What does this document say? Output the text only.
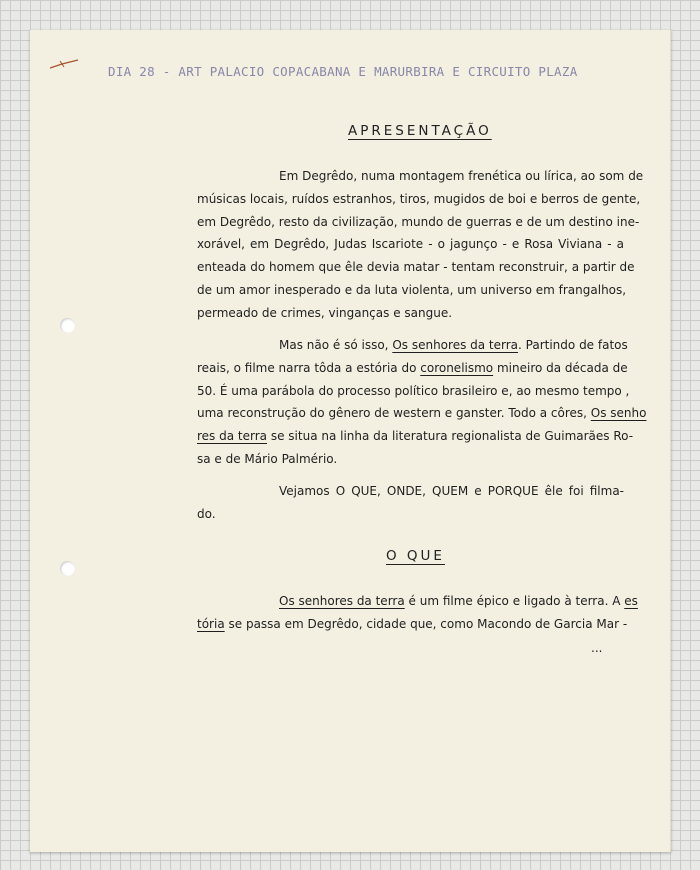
DIA 28 - ART PALACIO COPACABANA E MARURBIRA E CIRCUITO PLAZA
APRESENTAÇÃO
Em Degrêdo, numa montagem frenética ou lírica, ao som de
músicas locais, ruídos estranhos, tiros, mugidos de boi e berros de gente,
em Degrêdo, resto da civilização, mundo de guerras e de um destino ine-
xorável, em Degrêdo, Judas Iscariote - o jagunço - e Rosa Viviana - a
enteada do homem que êle devia matar - tentam reconstruir, a partir de
de um amor inesperado e da luta violenta, um universo em frangalhos,
permeado de crimes, vinganças e sangue.
Mas não é só isso, Os senhores da terra. Partindo de fatos
reais, o filme narra tôda a estória do coronelismo mineiro da década de
50. É uma parábola do processo político brasileiro e, ao mesmo tempo ,
uma reconstrução do gênero de western e ganster. Todo a côres, Os senho
res da terra se situa na linha da literatura regionalista de Guimarães Ro-
sa e de Mário Palmério.
Vejamos O QUE, ONDE, QUEM e PORQUE êle foi filma-
do.
O QUE
Os senhores da terra é um filme épico e ligado à terra. A es
tória se passa em Degrêdo, cidade que, como Macondo de Garcia Mar -
...
